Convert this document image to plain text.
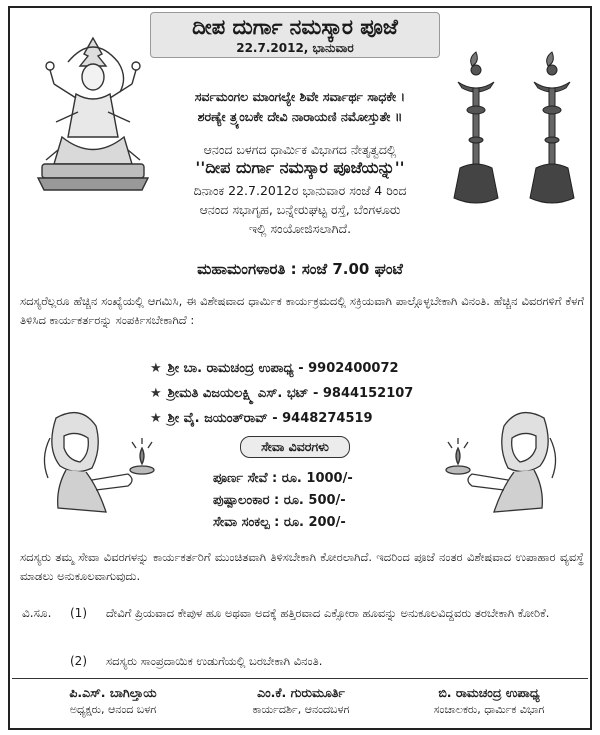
ದೀಪ ದುರ್ಗಾ ನಮಸ್ಕಾರ ಪೂಜೆ
22.7.2012, ಭಾನುವಾರ
ಸರ್ವಮಂಗಲ ಮಾಂಗಲ್ಯೇ ಶಿವೇ ಸರ್ವಾರ್ಥ ಸಾಧಕೇ ।
ಶರಣ್ಯೇ ತ್ರ್ಯಂಬಕೇ ದೇವಿ ನಾರಾಯಣಿ ನಮೋಸ್ತುತೇ ॥
ಆನಂದ ಬಳಗದ ಧಾರ್ಮಿಕ ವಿಭಾಗದ ನೇತೃತ್ವದಲ್ಲಿ
''ದೀಪ ದುರ್ಗಾ ನಮಸ್ಕಾರ ಪೂಜೆಯನ್ನು''
ದಿನಾಂಕ 22.7.2012ರ ಭಾನುವಾರ ಸಂಜೆ 4 ರಿಂದ
ಆನಂದ ಸಭಾಗೃಹ, ಬನ್ನೇರುಘಟ್ಟ ರಸ್ತೆ, ಬೆಂಗಳೂರು
ಇಲ್ಲಿ ಸಂಯೋಜಿಸಲಾಗಿದೆ.
ಮಹಾಮಂಗಳಾರತಿ : ಸಂಜೆ 7.00 ಘಂಟೆ
ಸದಸ್ಯರೆಲ್ಲರೂ ಹೆಚ್ಚಿನ ಸಂಖ್ಯೆಯಲ್ಲಿ ಆಗಮಿಸಿ, ಈ ವಿಶೇಷವಾದ ಧಾರ್ಮಿಕ ಕಾರ್ಯಕ್ರಮದಲ್ಲಿ ಸಕ್ರಿಯವಾಗಿ ಪಾಲ್ಗೊಳ್ಳಬೇಕಾಗಿ ವಿನಂತಿ. ಹೆಚ್ಚಿನ ವಿವರಗಳಿಗೆ ಕೆಳಗೆ ತಿಳಿಸಿದ ಕಾರ್ಯಕರ್ತರನ್ನು ಸಂಪರ್ಕಿಸಬೇಕಾಗಿದೆ :
★ ಶ್ರೀ ಬಾ. ರಾಮಚಂದ್ರ ಉಪಾಧ್ಯ - 9902400072
★ ಶ್ರೀಮತಿ ವಿಜಯಲಕ್ಷ್ಮಿ ಎಸ್. ಭಟ್ - 9844152107
★ ಶ್ರೀ ವೈ. ಜಯಂತ್‌ರಾವ್ - 9448274519
ಸೇವಾ ವಿವರಗಳು
ಪೂರ್ಣ ಸೇವೆ : ರೂ. 1000/-
ಪುಷ್ಪಾಲಂಕಾರ : ರೂ. 500/-
ಸೇವಾ ಸಂಕಲ್ಪ : ರೂ. 200/-
ಸದಸ್ಯರು ತಮ್ಮ ಸೇವಾ ವಿವರಗಳನ್ನು ಕಾರ್ಯಕರ್ತರಿಗೆ ಮುಂಚಿತವಾಗಿ ತಿಳಿಸಬೇಕಾಗಿ ಕೋರಲಾಗಿದೆ. ಇದರಿಂದ ಪೂಜೆ ನಂತರ ವಿಶೇಷವಾದ ಉಪಾಹಾರ ವ್ಯವಸ್ಥೆ ಮಾಡಲು ಅನುಕೂಲವಾಗುವುದು.
ವಿ.ಸೂ. (1) ದೇವಿಗೆ ಪ್ರಿಯವಾದ ಕೇಪುಳ ಹೂ ಅಥವಾ ಅದಕ್ಕೆ ಹತ್ತಿರವಾದ ಎಕ್ಸೋರಾ ಹೂವನ್ನು ಅನುಕೂಲವಿದ್ದವರು ತರಬೇಕಾಗಿ ಕೋರಿಕೆ.
(2) ಸದಸ್ಯರು ಸಾಂಪ್ರದಾಯಿಕ ಉಡುಗೆಯಲ್ಲಿ ಬರಬೇಕಾಗಿ ವಿನಂತಿ.
ಪಿ.ಎಸ್. ಬಾಗಿಲ್ತಾಯ
ಅಧ್ಯಕ್ಷರು, ಆನಂದ ಬಳಗ
ಎಂ.ಕೆ. ಗುರುಮೂರ್ತಿ
ಕಾರ್ಯದರ್ಶಿ, ಆನಂದಬಳಗ
ಬಿ. ರಾಮಚಂದ್ರ ಉಪಾಧ್ಯ
ಸಂಚಾಲಕರು, ಧಾರ್ಮಿಕ ವಿಭಾಗ
